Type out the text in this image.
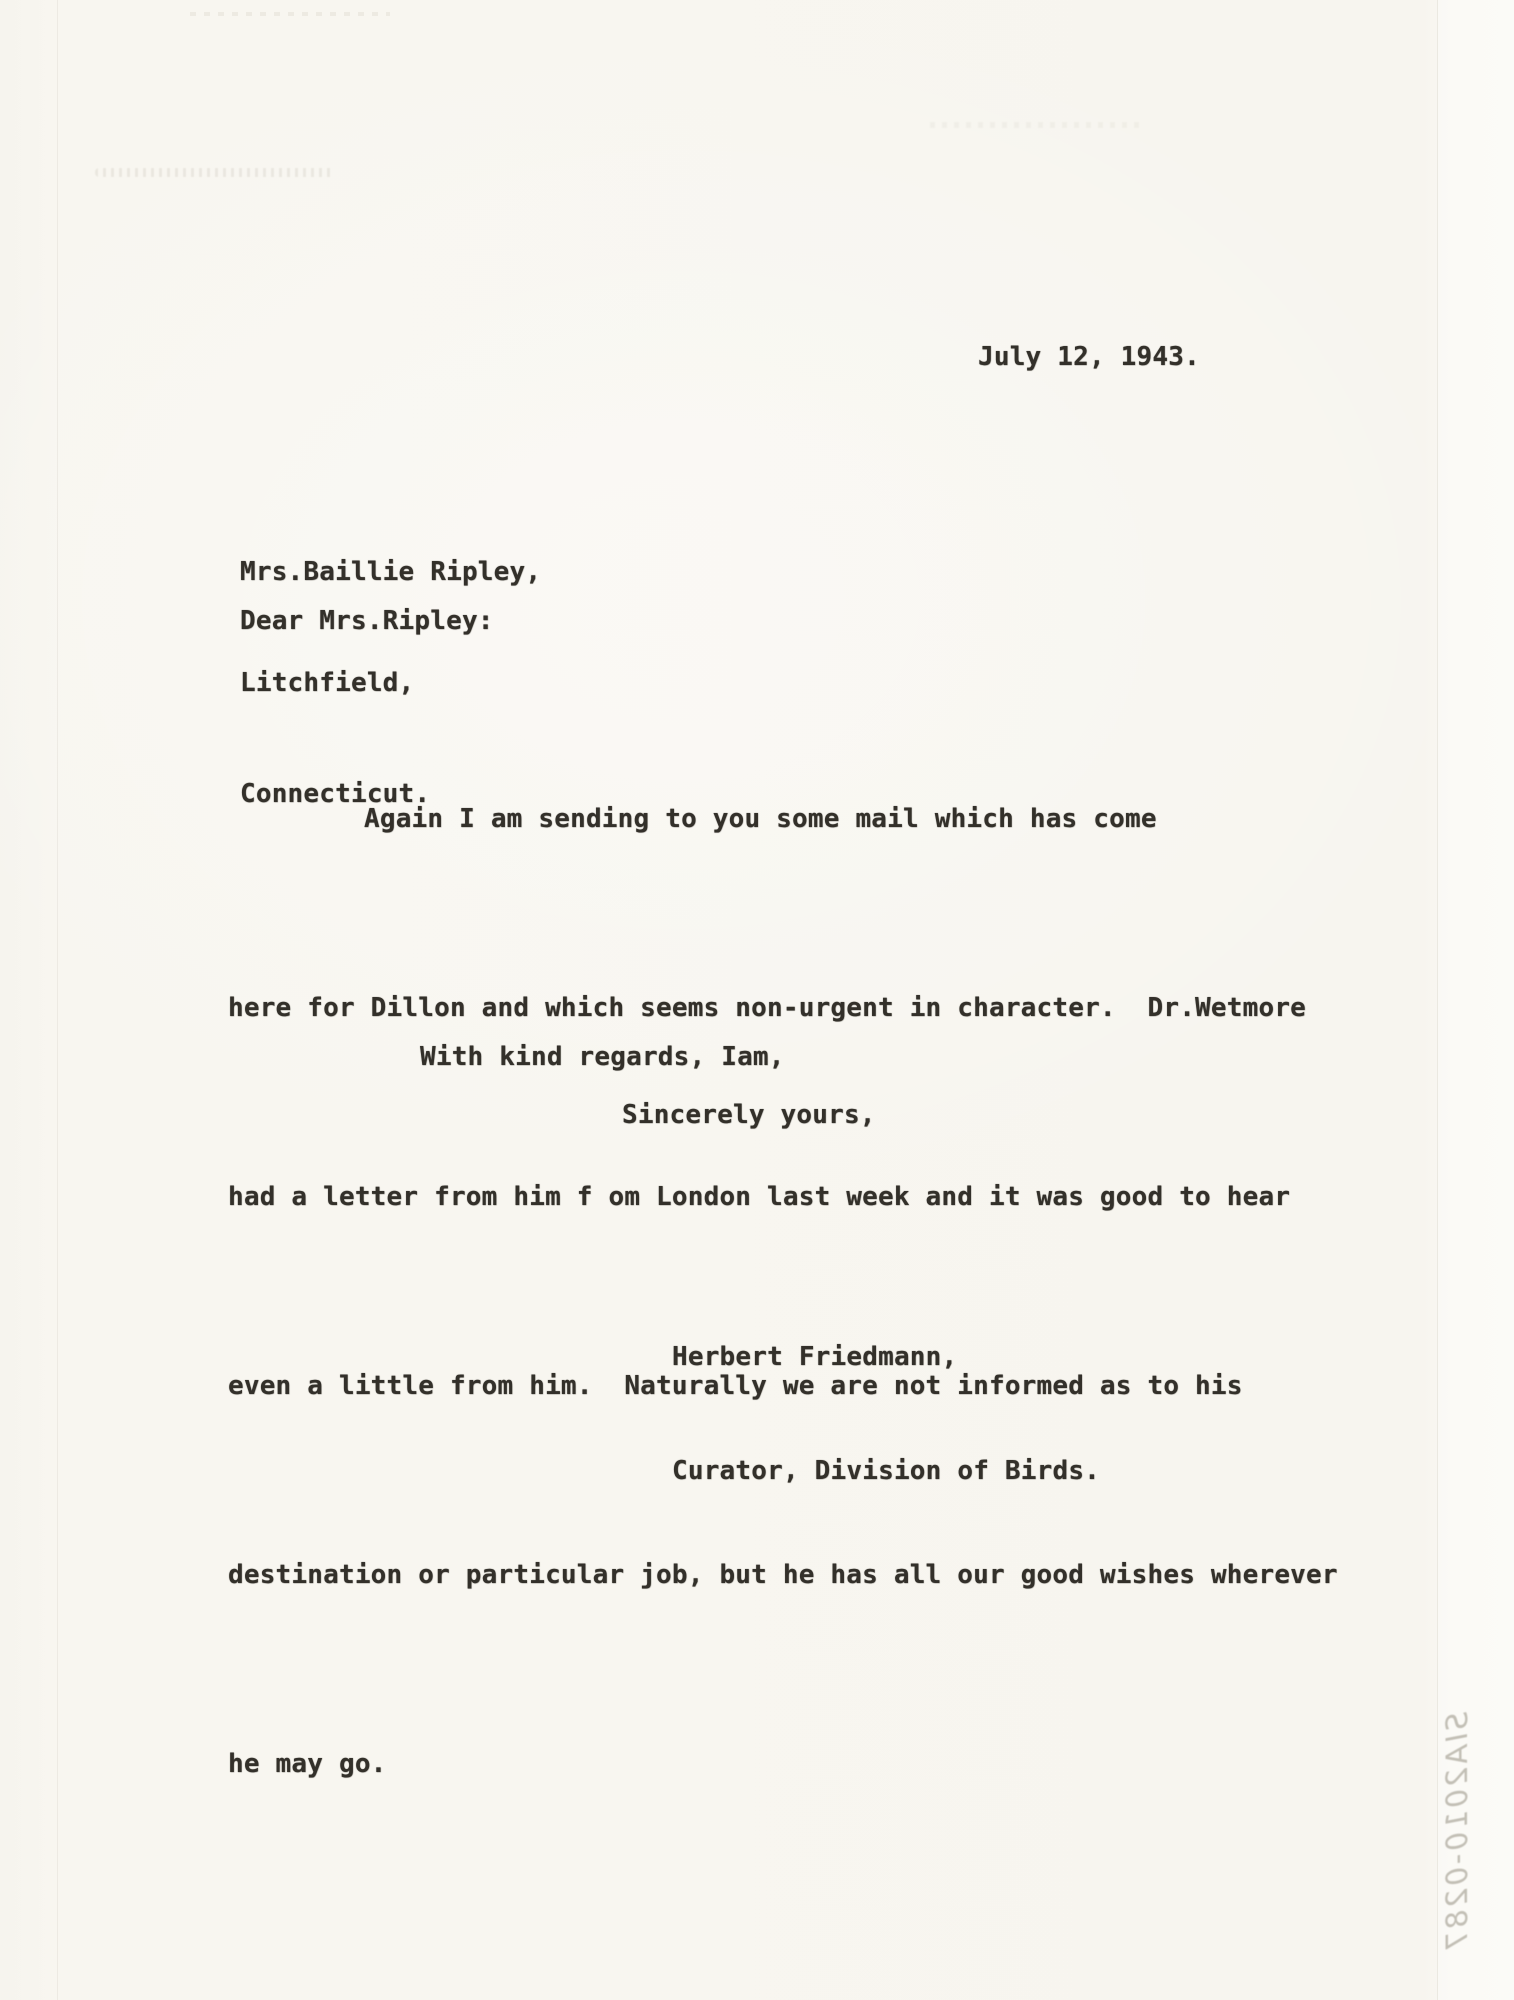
July 12, 1943.

Mrs.Baillie Ripley,

Litchfield,

Connecticut.

Dear Mrs.Ripley:

Again I am sending to you some mail which has come

here for Dillon and which seems non-urgent in character.  Dr.Wetmore

had a letter from him f om London last week and it was good to hear

even a little from him.  Naturally we are not informed as to his

destination or particular job, but he has all our good wishes wherever

he may go.

With kind regards, Iam,
Sincerely yours,

Herbert Friedmann,

Curator, Division of Birds.

SIA2010-0287
